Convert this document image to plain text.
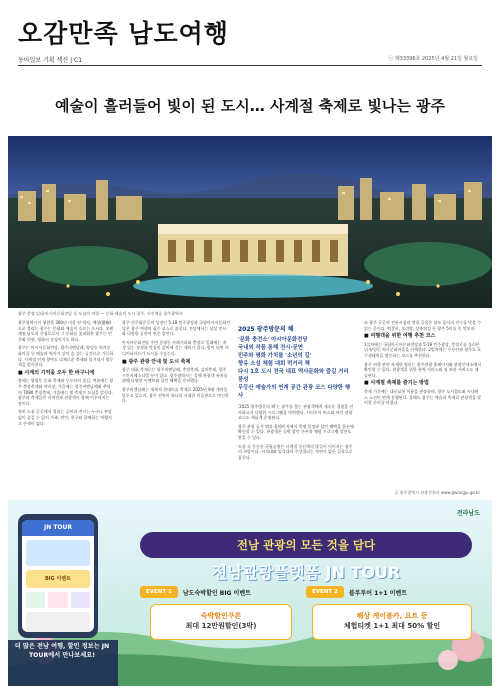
오감만족 남도여행
동아일보 기획 섹션 | C1	ⓒ 제33396호 2025년 4월 21일 월요일
예술이 흘러들어 빛이 된 도시… 사계절 축제로 빛나는 광주
광주 충장 일대·아시아문화전당 등 도심의 야경 — 문화·예술의 도시 광주. 사진제공 광주광역시
광주광역시의 영원한 300년 이상 된 역사, 예향(藝鄕)으로 불리는 광주는 문화와 예술이 흐르는 도시다. 오랜 세월 남도의 중심으로서 그 문화를 꽃피워온 광주는 민주와 인권, 평화의 상징이기도 하다.
광주는 아시아문화전당, 광주비엔날레, 양림동 역사문화마을 등 예술과 역사가 살아 숨 쉬는 공간으로 가득하다. 사계절 언제 찾아도 다채로운 축제와 볼거리가 방문객을 맞이한다.
■ 사계의 기억을 모두 한 바구니에
봄에는 양림동 문화 축제와 무등산의 꽃길, 여름에는 광주 충장축제와 야시장, 가을에는 광주비엔날레와 추억의 7080 충장축제, 겨울에는 빛 축제가 도심을 밝힌다. 광주의 축제들은 지역민과 관광객이 함께 어우러지는 장이다.
특히 도심 곳곳에서 열리는 공연과 전시는 누구나 부담 없이 즐길 수 있어 가족, 연인, 친구와 함께하는 여행지로 손색이 없다.
광주 민주화운동의 상징인 5·18 민주광장과 국립아시아문화전당은 광주 여행의 필수 코스로 꼽힌다. 전당에서는 상설 전시와 다양한 공연이 연중 열린다.
아시아문화전당 주변 동명동 카페거리와 충장로 일대에는 개성 있는 상점과 맛집이 즐비해 걷는 재미가 있다. 밤이 되면 미디어파사드가 도시를 수놓는다.
■ 광주 관광 안내 및 도시 축제
광주 대표 축제로는 광주비엔날레, 충장축제, 김치축제, 광주 프린지페스티벌 등이 있다. 광주광역시는 올해 관광객 유치를 위해 다양한 이벤트와 할인 혜택을 준비했다.
광주비엔날레는 세계적 현대미술 축제로 2025년 9월 개막을 앞두고 있으며, 광주 전역이 하나의 거대한 미술관으로 변신한다.
2025 광주방문의 해
'문화 충전소' 아시아문화전당
국내외 작품 통해 전시·공연
민주와 평화 가치를 '소년의 길'
향유 소설 체험 대회 먹거리 책
다시 1호 도시 전국 대표 역사문화와 즐길 거리 풍성
무등산 예술가의 연계 공간 관광 코스 다양한 행사
'2025 광주방문의 해'는 광주를 찾는 관광객에게 새로운 경험을 선사하고자 다양한 프로그램을 마련했다. 시티투어 버스와 야간 관광 코스도 새롭게 운영된다.
광주 관광 공식 앱과 홈페이지에서 축제 일정과 할인 혜택을 한눈에 확인할 수 있다. 관광객은 숙박 할인 쿠폰과 체험 프로그램 할인도 받을 수 있다.
도심 속 무등산 국립공원은 사계절 등산객의 발길이 이어지는 광주의 자랑이다. 서석대와 입석대의 주상절리는 자연이 빚은 걸작으로 꼽힌다.
또 광주 곳곳의 전통시장과 맛집 골목은 남도 음식의 진수를 맛볼 수 있는 곳이다. 떡갈비, 오리탕, 상추튀김 등 광주 5미를 꼭 맛보자.
■ 여행객을 위한 여행 추천 코스
1일차에는 국립아시아문화전당과 5·18 민주광장, 충장로를 둘러본 뒤 양림동 역사문화마을을 산책한다. 2일차에는 무등산과 광주호 호수생태원을 방문하는 코스를 추천한다.
광주 여행 관련 자세한 정보는 광주관광 홈페이지와 관광안내소에서 확인할 수 있다. 관광객을 위한 통역 서비스와 짐 보관 서비스도 제공된다.
■ 사계절 축제를 즐기는 방법
축제 기간에는 대중교통 이용을 권장하며, 광주 도시철도와 시내버스 노선이 연계 운행된다. 올해도 광주는 예술과 축제로 관광객을 맞이할 준비를 마쳤다.
글 광주광역시 관광진흥과 www.gwangju.go.kr
전라남도
JN TOUR
BIG 이벤트
더 많은 전남 여행, 할인 정보는 JN TOUR에서 만나보세요!
전남 관광의 모든 것을 담다
전남관광플랫폼 JN TOUR
EVENT 1	남도숙박할인 BIG 이벤트
숙박할인쿠폰
최대 12만원할인(3박)
EVENT 2	블루투어 1+1 이벤트
해상 케이블카, 요트 등
체험티켓 1+1 최대 50% 할인
